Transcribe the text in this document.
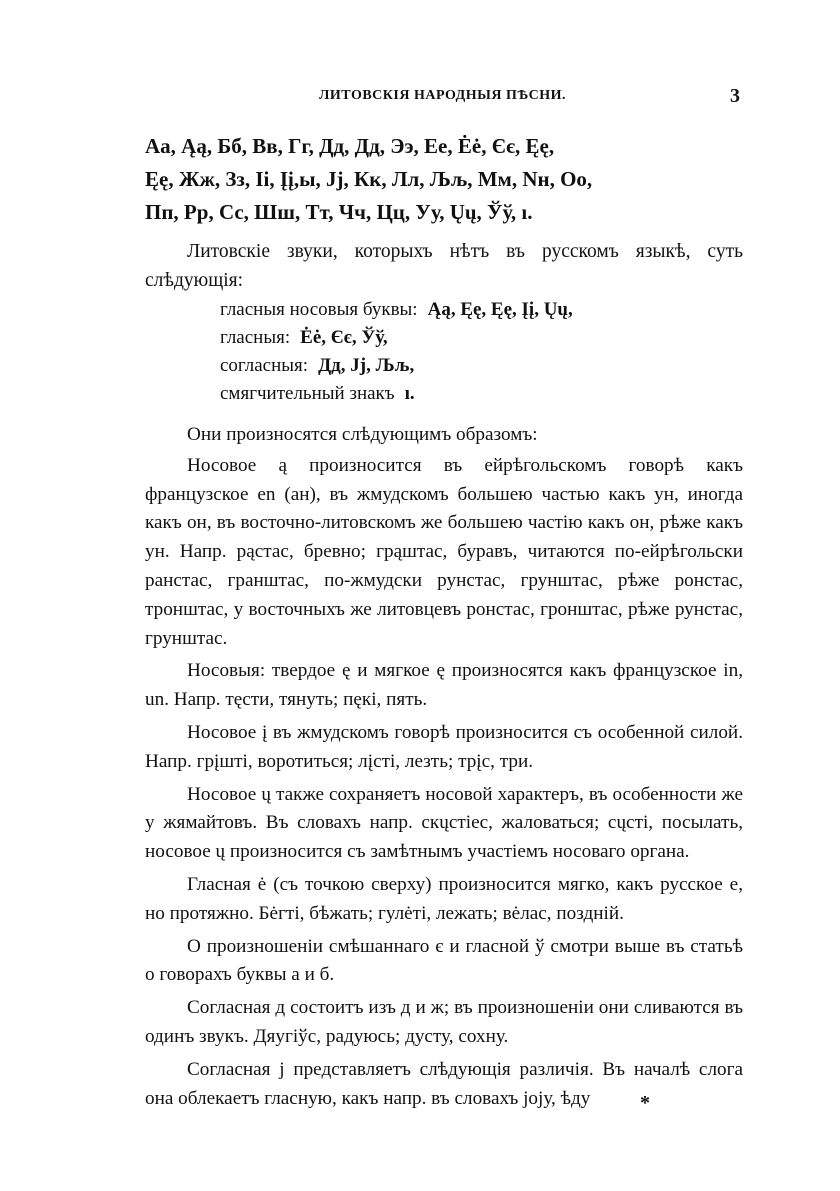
ЛИТОВСКІЯ НАРОДНЫЯ ПѢСНИ.	3
Aa, Ąą, Бб, Вв, Гг, Дд, Дд, Ээ, Ее, Ėė, Єє, Ęę,
Ęę, Жж, Зз, Іі, Įį,ы, Jj, Кк, Лл, Љљ, Мм, Nн, Оо,
Пп, Рр, Сс, Шш, Тт, Чч, Цц, Уу, Ųų, Ўў, ı.
Литовскіе звуки, которыхъ нѣтъ въ русскомъ языкѣ, суть слѣдующія:
гласныя носовыя буквы: Ąą, Ęę, Ęę, Įį, Ųų,
гласныя: Ėė, Єє, Ўў,
согласныя: Дд, Jj, Љљ,
смягчительный знакъ ı.

Они произносятся слѣдующимъ образомъ:

Носовое ą произносится въ ейрѣгольскомъ говорѣ какъ французское en (ан), въ жмудскомъ большею частью какъ ун, иногда какъ он, въ восточно-литовскомъ же большею частію какъ он, рѣже какъ ун. Напр. рąстас, бревно; грąштас, буравъ, читаются по-ейрѣгольски ранстас, гранштас, по-жмудски рунстас, грунштас, рѣже ронстас, тронштас, у восточныхъ же литовцевъ ронстас, гронштас, рѣже рунстас, грунштас.

Носовыя: твердое ę и мягкое ę произносятся какъ французское in, un. Напр. тęсти, тянуть; пęкі, пять.

Носовое į въ жмудскомъ говорѣ произносится съ особенной силой. Напр. грįшті, воротиться; лįсті, лезть; трįс, три.

Носовое ų также сохраняетъ носовой характеръ, въ особенности же у жямайтовъ. Въ словахъ напр. скųстieс, жаловаться; сųсті, посылать, носовое ų произносится съ замѣтнымъ участіемъ носоваго органа.

Гласная ė (съ точкою сверху) произносится мягко, какъ русское е, но протяжно. Бėгті, бѣжать; гулėті, лежать; вėлас, поздній.

О произношеніи смѣшаннаго є и гласной ў смотри выше въ статьѣ о говорахъ буквы а и б.

Согласная д состоитъ изъ д и ж; въ произношеніи они сливаются въ одинъ звукъ. Дяугіўс, радуюсь; дусту, сохну.

Согласная j представляетъ слѣдующія различія. Въ началѣ слога она облекаетъ гласную, какъ напр. въ словахъ jojу, ѣду	*
